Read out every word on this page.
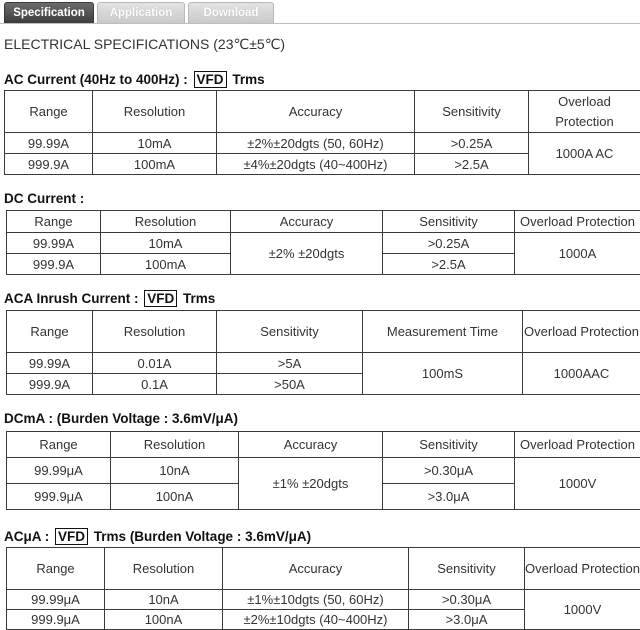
Specification	Application	Download
ELECTRICAL SPECIFICATIONS (23℃±5℃)
AC Current (40Hz to 400Hz) : VFD Trms
Range	Resolution	Accuracy	Sensitivity	Overload Protection
99.99A	10mA	±2%±20dgts (50, 60Hz)	>0.25A	1000A AC
999.9A	100mA	±4%±20dgts (40~400Hz)	>2.5A	
DC Current :
Range	Resolution	Accuracy	Sensitivity	Overload Protection
99.99A	10mA	±2% ±20dgts	>0.25A	1000A
999.9A	100mA		>2.5A	
ACA Inrush Current : VFD Trms
Range	Resolution	Sensitivity	Measurement Time	Overload Protection
99.99A	0.01A	>5A	100mS	1000AAC
999.9A	0.1A	>50A		
DCmA : (Burden Voltage : 3.6mV/μA)
Range	Resolution	Accuracy	Sensitivity	Overload Protection
99.99μA	10nA	±1% ±20dgts	>0.30μA	1000V
999.9μA	100nA		>3.0μA	
ACμA : VFD Trms (Burden Voltage : 3.6mV/μA)
Range	Resolution	Accuracy	Sensitivity	Overload Protection
99.99μA	10nA	±1%±10dgts (50, 60Hz)	>0.30μA	1000V
999.9μA	100nA	±2%±10dgts (40~400Hz)	>3.0μA	
